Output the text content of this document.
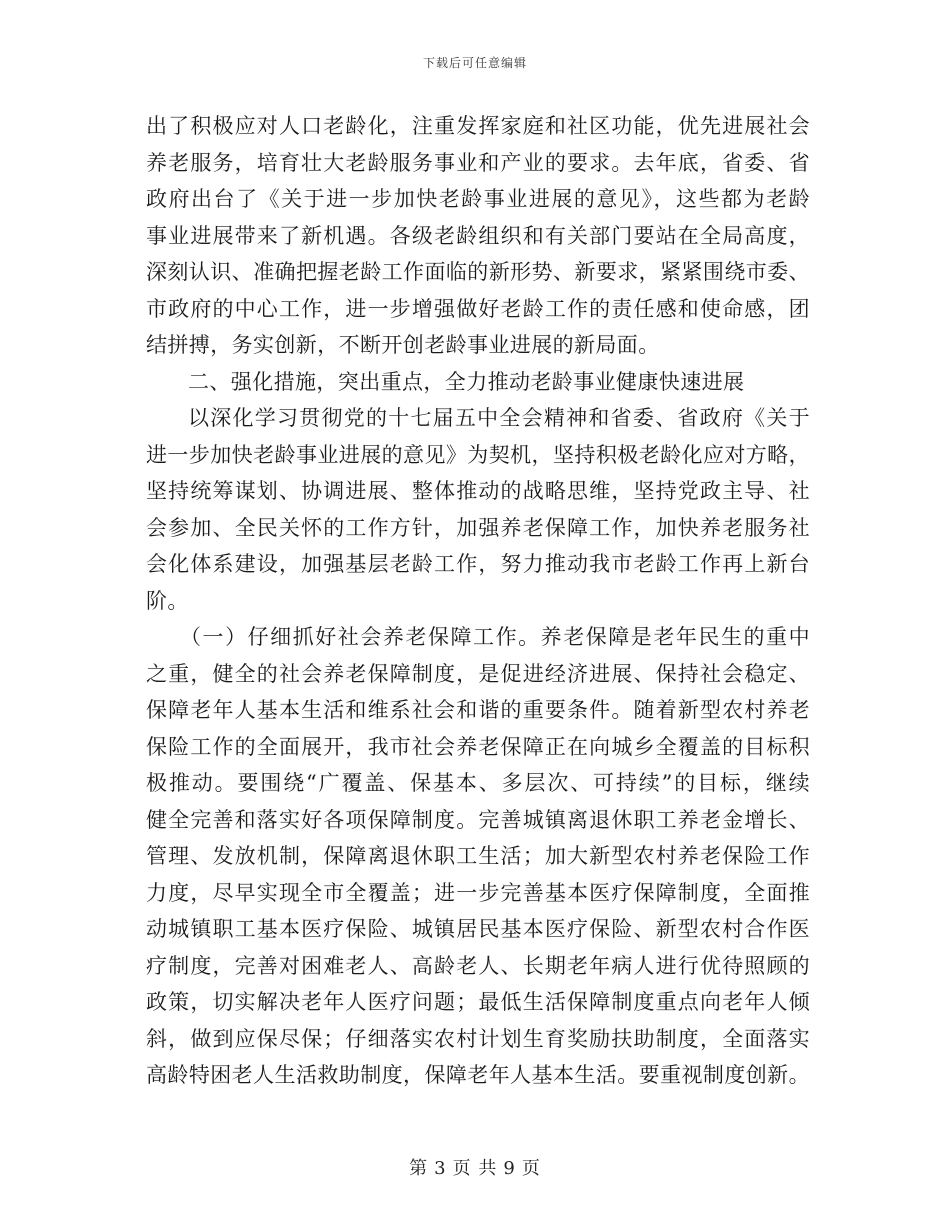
下载后可任意编辑
出了积极应对人口老龄化，注重发挥家庭和社区功能，优先进展社会
养老服务，培育壮大老龄服务事业和产业的要求。去年底，省委、省
政府出台了《关于进一步加快老龄事业进展的意见》，这些都为老龄
事业进展带来了新机遇。各级老龄组织和有关部门要站在全局高度，
深刻认识、准确把握老龄工作面临的新形势、新要求，紧紧围绕市委、
市政府的中心工作，进一步增强做好老龄工作的责任感和使命感，团
结拼搏，务实创新，不断开创老龄事业进展的新局面。
二、强化措施，突出重点，全力推动老龄事业健康快速进展
以深化学习贯彻党的十七届五中全会精神和省委、省政府《关于
进一步加快老龄事业进展的意见》为契机，坚持积极老龄化应对方略，
坚持统筹谋划、协调进展、整体推动的战略思维，坚持党政主导、社
会参加、全民关怀的工作方针，加强养老保障工作，加快养老服务社
会化体系建设，加强基层老龄工作，努力推动我市老龄工作再上新台
阶。
（一）仔细抓好社会养老保障工作。养老保障是老年民生的重中
之重，健全的社会养老保障制度，是促进经济进展、保持社会稳定、
保障老年人基本生活和维系社会和谐的重要条件。随着新型农村养老
保险工作的全面展开，我市社会养老保障正在向城乡全覆盖的目标积
极推动。要围绕“广覆盖、保基本、多层次、可持续”的目标，继续
健全完善和落实好各项保障制度。完善城镇离退休职工养老金增长、
管理、发放机制，保障离退休职工生活；加大新型农村养老保险工作
力度，尽早实现全市全覆盖；进一步完善基本医疗保障制度，全面推
动城镇职工基本医疗保险、城镇居民基本医疗保险、新型农村合作医
疗制度，完善对困难老人、高龄老人、长期老年病人进行优待照顾的
政策，切实解决老年人医疗问题；最低生活保障制度重点向老年人倾
斜，做到应保尽保；仔细落实农村计划生育奖励扶助制度，全面落实
高龄特困老人生活救助制度，保障老年人基本生活。要重视制度创新。
第 3 页 共 9 页
